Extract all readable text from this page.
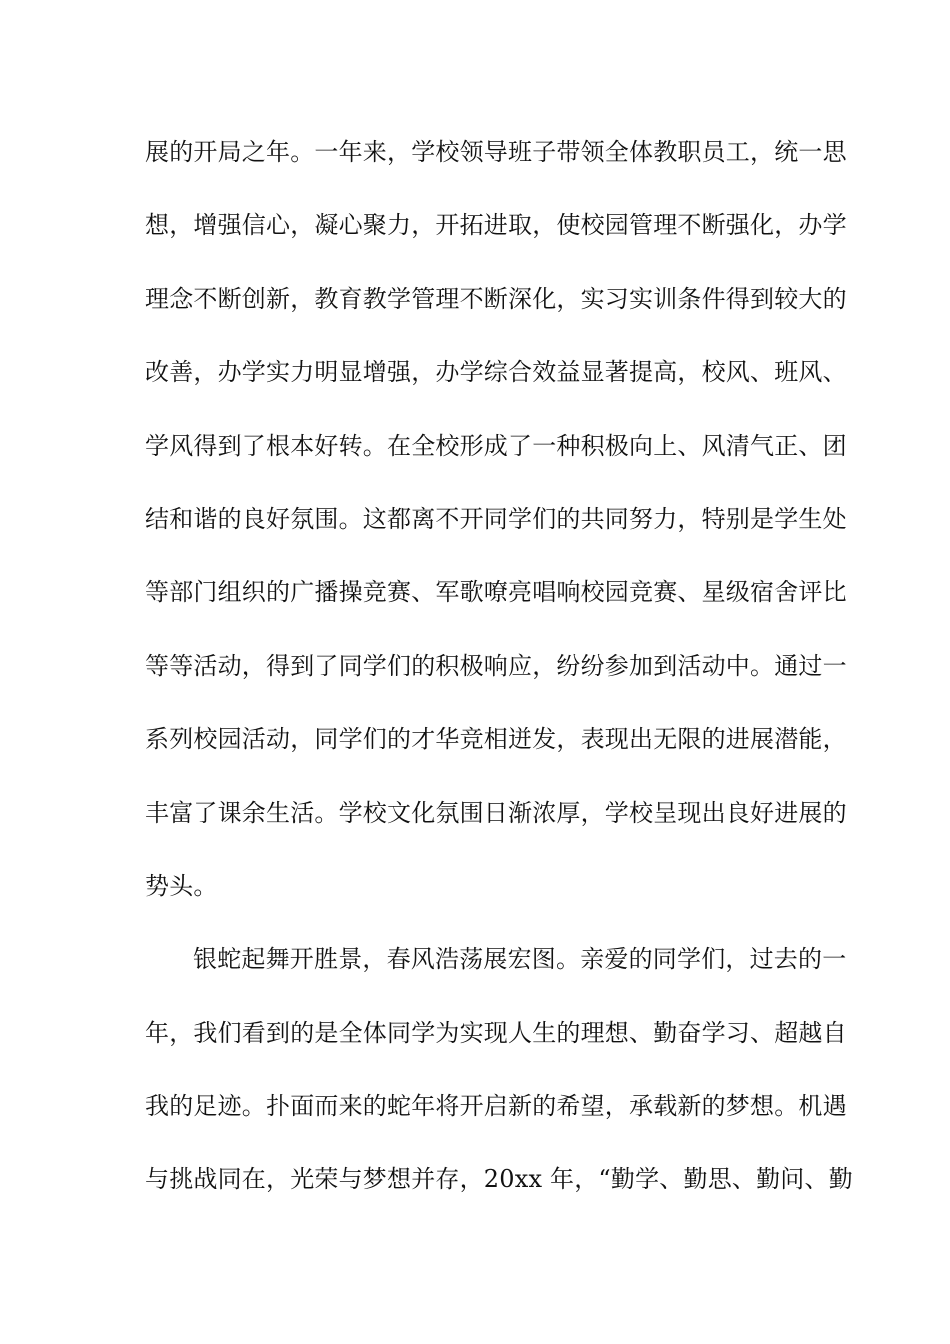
展的开局之年。一年来，学校领导班子带领全体教职员工，统一思
想，增强信心，凝心聚力，开拓进取，使校园管理不断强化，办学
理念不断创新，教育教学管理不断深化，实习实训条件得到较大的
改善，办学实力明显增强，办学综合效益显著提高，校风、班风、
学风得到了根本好转。在全校形成了一种积极向上、风清气正、团
结和谐的良好氛围。这都离不开同学们的共同努力，特别是学生处
等部门组织的广播操竞赛、军歌嘹亮唱响校园竞赛、星级宿舍评比
等等活动，得到了同学们的积极响应，纷纷参加到活动中。通过一
系列校园活动，同学们的才华竞相迸发，表现出无限的进展潜能，
丰富了课余生活。学校文化氛围日渐浓厚，学校呈现出良好进展的
势头。
银蛇起舞开胜景，春风浩荡展宏图。亲爱的同学们，过去的一
年，我们看到的是全体同学为实现人生的理想、勤奋学习、超越自
我的足迹。扑面而来的蛇年将开启新的希望，承载新的梦想。机遇
与挑战同在，光荣与梦想并存，20xx 年，“勤学、勤思、勤问、勤
